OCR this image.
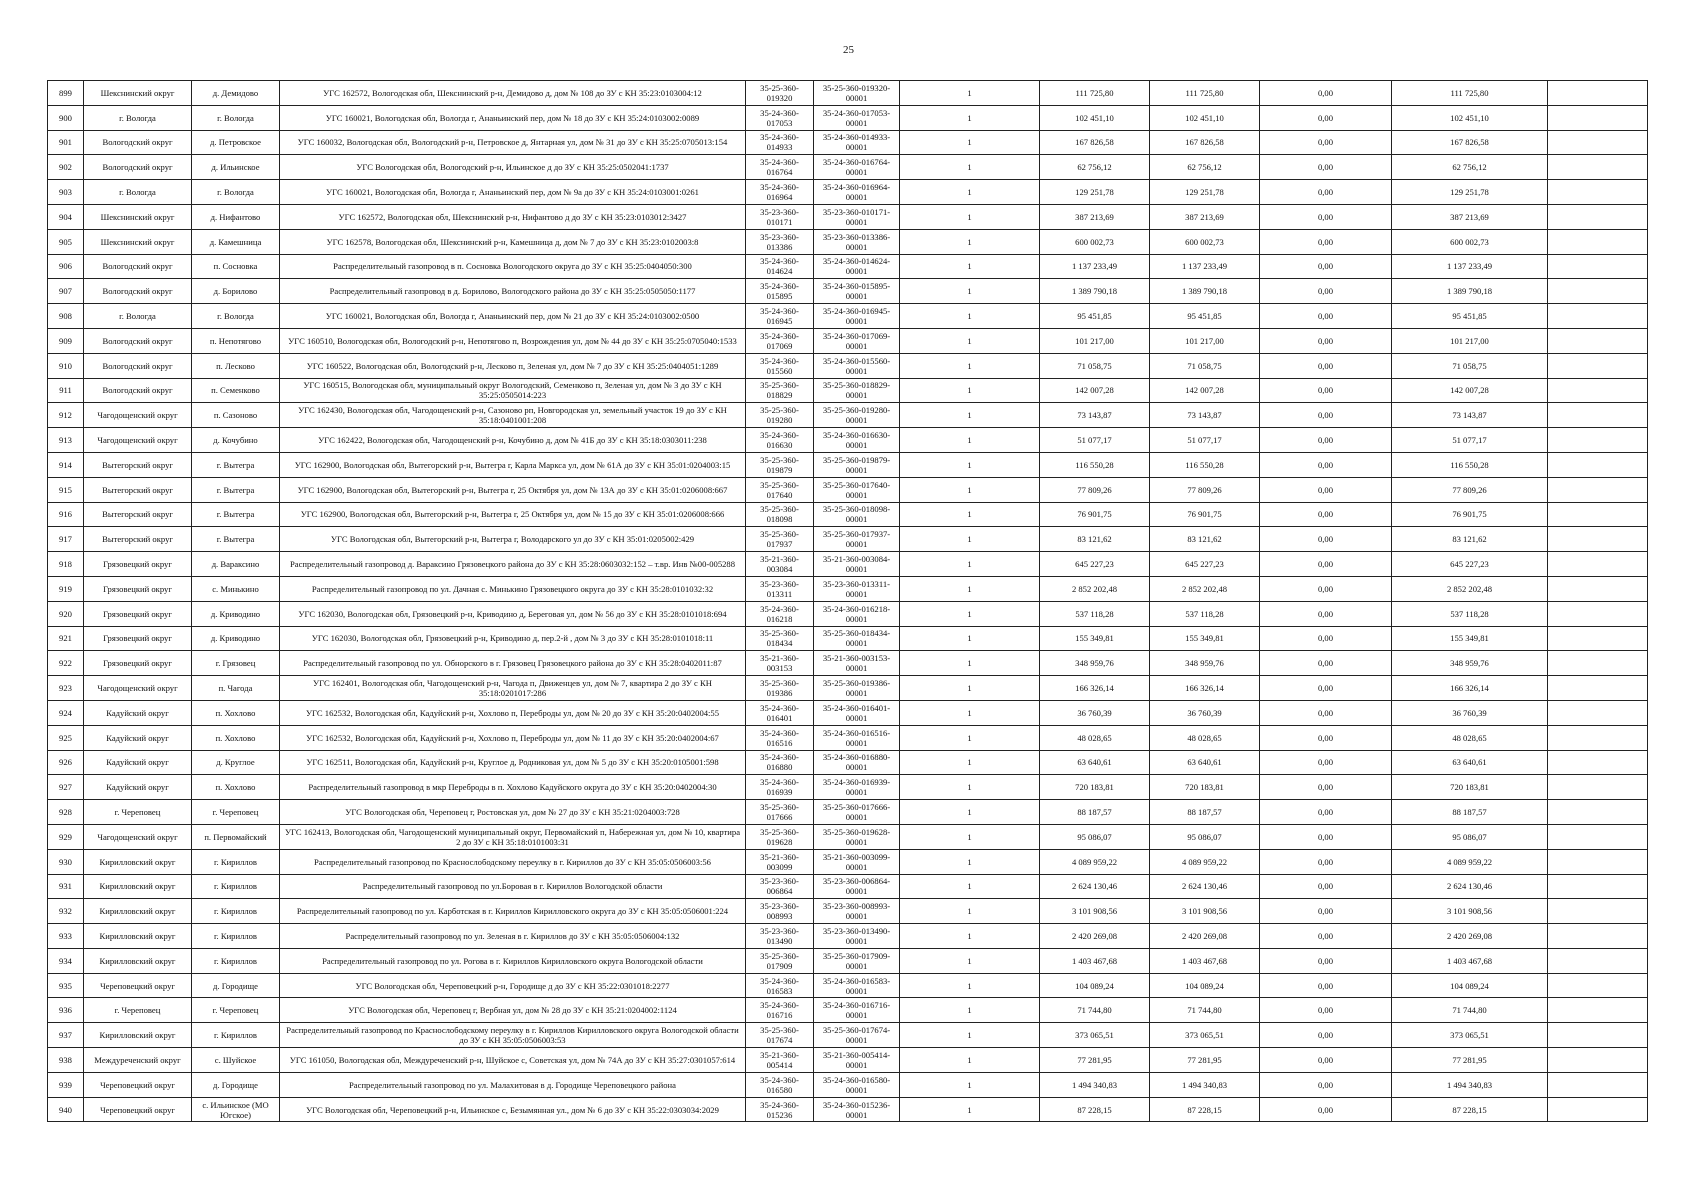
25
899	Шекснинский округ	д. Демидово	УГС 162572, Вологодская обл, Шекснинский р-н, Демидово д, дом № 108 до ЗУ с КН 35:23:0103004:12	35-25-360-019320	35-25-360-019320-00001	1	111 725,80	111 725,80	0,00	111 725,80	
900	г. Вологда	г. Вологда	УГС 160021, Вологодская обл, Вологда г, Ананьинский пер, дом № 18 до ЗУ с КН 35:24:0103002:0089	35-24-360-017053	35-24-360-017053-00001	1	102 451,10	102 451,10	0,00	102 451,10	
901	Вологодский округ	д. Петровское	УГС 160032, Вологодская обл, Вологодский р-н, Петровское д, Янтарная ул, дом № 31 до ЗУ с КН 35:25:0705013:154	35-24-360-014933	35-24-360-014933-00001	1	167 826,58	167 826,58	0,00	167 826,58	
902	Вологодский округ	д. Ильинское	УГС Вологодская обл, Вологодский р-н, Ильинское д до ЗУ с КН 35:25:0502041:1737	35-24-360-016764	35-24-360-016764-00001	1	62 756,12	62 756,12	0,00	62 756,12	
903	г. Вологда	г. Вологда	УГС 160021, Вологодская обл, Вологда г, Ананьинский пер, дом № 9а до ЗУ с КН 35:24:0103001:0261	35-24-360-016964	35-24-360-016964-00001	1	129 251,78	129 251,78	0,00	129 251,78	
904	Шекснинский округ	д. Нифантово	УГС 162572, Вологодская обл, Шекснинский р-н, Нифантово д до ЗУ с КН 35:23:0103012:3427	35-23-360-010171	35-23-360-010171-00001	1	387 213,69	387 213,69	0,00	387 213,69	
905	Шекснинский округ	д. Камешница	УГС 162578, Вологодская обл, Шекснинский р-н, Камешница д, дом № 7 до ЗУ с КН 35:23:0102003:8	35-23-360-013386	35-23-360-013386-00001	1	600 002,73	600 002,73	0,00	600 002,73	
906	Вологодский округ	п. Сосновка	Распределительный газопровод в п. Сосновка Вологодского округа до ЗУ с КН 35:25:0404050:300	35-24-360-014624	35-24-360-014624-00001	1	1 137 233,49	1 137 233,49	0,00	1 137 233,49	
907	Вологодский округ	д. Борилово	Распределительный газопровод в д. Борилово, Вологодского района до ЗУ с КН 35:25:0505050:1177	35-24-360-015895	35-24-360-015895-00001	1	1 389 790,18	1 389 790,18	0,00	1 389 790,18	
908	г. Вологда	г. Вологда	УГС 160021, Вологодская обл, Вологда г, Ананьинский пер, дом № 21 до ЗУ с КН 35:24:0103002:0500	35-24-360-016945	35-24-360-016945-00001	1	95 451,85	95 451,85	0,00	95 451,85	
909	Вологодский округ	п. Непотягово	УГС 160510, Вологодская обл, Вологодский р-н, Непотягово п, Возрождения ул, дом № 44 до ЗУ с КН 35:25:0705040:1533	35-24-360-017069	35-24-360-017069-00001	1	101 217,00	101 217,00	0,00	101 217,00	
910	Вологодский округ	п. Лесково	УГС 160522, Вологодская обл, Вологодский р-н, Лесково п, Зеленая ул, дом № 7 до ЗУ с КН 35:25:0404051:1289	35-24-360-015560	35-24-360-015560-00001	1	71 058,75	71 058,75	0,00	71 058,75	
911	Вологодский округ	п. Семенково	УГС 160515, Вологодская обл, муниципальный округ Вологодский, Семенково п, Зеленая ул, дом № 3 до ЗУ с КН 35:25:0505014:223	35-25-360-018829	35-25-360-018829-00001	1	142 007,28	142 007,28	0,00	142 007,28	
912	Чагодощенский округ	п. Сазоново	УГС 162430, Вологодская обл, Чагодощенский р-н, Сазоново рп, Новгородская ул, земельный участок 19 до ЗУ с КН 35:18:0401001:208	35-25-360-019280	35-25-360-019280-00001	1	73 143,87	73 143,87	0,00	73 143,87	
913	Чагодощенский округ	д. Кочубино	УГС 162422, Вологодская обл, Чагодощенский р-н, Кочубино д, дом № 41Б до ЗУ с КН 35:18:0303011:238	35-24-360-016630	35-24-360-016630-00001	1	51 077,17	51 077,17	0,00	51 077,17	
914	Вытегорский округ	г. Вытегра	УГС 162900, Вологодская обл, Вытегорский р-н, Вытегра г, Карла Маркса ул, дом № 61А до ЗУ с КН 35:01:0204003:15	35-25-360-019879	35-25-360-019879-00001	1	116 550,28	116 550,28	0,00	116 550,28	
915	Вытегорский округ	г. Вытегра	УГС 162900, Вологодская обл, Вытегорский р-н, Вытегра г, 25 Октября ул, дом № 13А до ЗУ с КН 35:01:0206008:667	35-25-360-017640	35-25-360-017640-00001	1	77 809,26	77 809,26	0,00	77 809,26	
916	Вытегорский округ	г. Вытегра	УГС 162900, Вологодская обл, Вытегорский р-н, Вытегра г, 25 Октября ул, дом № 15 до ЗУ с КН 35:01:0206008:666	35-25-360-018098	35-25-360-018098-00001	1	76 901,75	76 901,75	0,00	76 901,75	
917	Вытегорский округ	г. Вытегра	УГС Вологодская обл, Вытегорский р-н, Вытегра г, Володарского ул до ЗУ с КН 35:01:0205002:429	35-25-360-017937	35-25-360-017937-00001	1	83 121,62	83 121,62	0,00	83 121,62	
918	Грязовецкий округ	д. Вараксино	Распределительный газопровод д. Вараксино Грязовецкого района до ЗУ с КН 35:28:0603032:152 – т.вр. Инв №00-005288	35-21-360-003084	35-21-360-003084-00001	1	645 227,23	645 227,23	0,00	645 227,23	
919	Грязовецкий округ	с. Минькино	Распределительный газопровод по ул. Дачная с. Минькино Грязовецкого округа до ЗУ с КН 35:28:0101032:32	35-23-360-013311	35-23-360-013311-00001	1	2 852 202,48	2 852 202,48	0,00	2 852 202,48	
920	Грязовецкий округ	д. Криводино	УГС 162030, Вологодская обл, Грязовецкий р-н, Криводино д, Береговая ул, дом № 56 до ЗУ с КН 35:28:0101018:694	35-24-360-016218	35-24-360-016218-00001	1	537 118,28	537 118,28	0,00	537 118,28	
921	Грязовецкий округ	д. Криводино	УГС 162030, Вологодская обл, Грязовецкий р-н, Криводино д, пер.2-й , дом № 3 до ЗУ с КН 35:28:0101018:11	35-25-360-018434	35-25-360-018434-00001	1	155 349,81	155 349,81	0,00	155 349,81	
922	Грязовецкий округ	г. Грязовец	Распределительный газопровод по ул. Обнорского в г. Грязовец Грязовецкого района до ЗУ с КН 35:28:0402011:87	35-21-360-003153	35-21-360-003153-00001	1	348 959,76	348 959,76	0,00	348 959,76	
923	Чагодощенский округ	п. Чагода	УГС 162401, Вологодская обл, Чагодощенский р-н, Чагода п, Движенцев ул, дом № 7, квартира 2 до ЗУ с КН 35:18:0201017:286	35-25-360-019386	35-25-360-019386-00001	1	166 326,14	166 326,14	0,00	166 326,14	
924	Кадуйский округ	п. Хохлово	УГС 162532, Вологодская обл, Кадуйский р-н, Хохлово п, Переброды ул, дом № 20 до ЗУ с КН 35:20:0402004:55	35-24-360-016401	35-24-360-016401-00001	1	36 760,39	36 760,39	0,00	36 760,39	
925	Кадуйский округ	п. Хохлово	УГС 162532, Вологодская обл, Кадуйский р-н, Хохлово п, Переброды ул, дом № 11 до ЗУ с КН 35:20:0402004:67	35-24-360-016516	35-24-360-016516-00001	1	48 028,65	48 028,65	0,00	48 028,65	
926	Кадуйский округ	д. Круглое	УГС 162511, Вологодская обл, Кадуйский р-н, Круглое д, Родниковая ул, дом № 5 до ЗУ с КН 35:20:0105001:598	35-24-360-016880	35-24-360-016880-00001	1	63 640,61	63 640,61	0,00	63 640,61	
927	Кадуйский округ	п. Хохлово	Распределительный газопровод в мкр Переброды в п. Хохлово Кадуйского округа до ЗУ с КН 35:20:0402004:30	35-24-360-016939	35-24-360-016939-00001	1	720 183,81	720 183,81	0,00	720 183,81	
928	г. Череповец	г. Череповец	УГС Вологодская обл, Череповец г, Ростовская ул, дом № 27 до ЗУ с КН 35:21:0204003:728	35-25-360-017666	35-25-360-017666-00001	1	88 187,57	88 187,57	0,00	88 187,57	
929	Чагодощенский округ	п. Первомайский	УГС 162413, Вологодская обл, Чагодощенский муниципальный округ, Первомайский п, Набережная ул, дом № 10, квартира 2 до ЗУ с КН 35:18:0101003:31	35-25-360-019628	35-25-360-019628-00001	1	95 086,07	95 086,07	0,00	95 086,07	
930	Кирилловский округ	г. Кириллов	Распределительный газопровод по Краснослободскому переулку в г. Кириллов до ЗУ с КН 35:05:0506003:56	35-21-360-003099	35-21-360-003099-00001	1	4 089 959,22	4 089 959,22	0,00	4 089 959,22	
931	Кирилловский округ	г. Кириллов	Распределительный газопровод по ул.Боровая в г. Кириллов Вологодской области	35-23-360-006864	35-23-360-006864-00001	1	2 624 130,46	2 624 130,46	0,00	2 624 130,46	
932	Кирилловский округ	г. Кириллов	Распределительный газопровод по ул. Карботская в г. Кириллов Кирилловского округа до ЗУ с КН 35:05:0506001:224	35-23-360-008993	35-23-360-008993-00001	1	3 101 908,56	3 101 908,56	0,00	3 101 908,56	
933	Кирилловский округ	г. Кириллов	Распределительный газопровод по ул. Зеленая в г. Кириллов до ЗУ с КН 35:05:0506004:132	35-23-360-013490	35-23-360-013490-00001	1	2 420 269,08	2 420 269,08	0,00	2 420 269,08	
934	Кирилловский округ	г. Кириллов	Распределительный газопровод по ул. Рогова в г. Кириллов Кирилловского округа Вологодской области	35-25-360-017909	35-25-360-017909-00001	1	1 403 467,68	1 403 467,68	0,00	1 403 467,68	
935	Череповецкий округ	д. Городище	УГС Вологодская обл, Череповецкий р-н, Городище д до ЗУ с КН 35:22:0301018:2277	35-24-360-016583	35-24-360-016583-00001	1	104 089,24	104 089,24	0,00	104 089,24	
936	г. Череповец	г. Череповец	УГС Вологодская обл, Череповец г, Вербная ул, дом № 28 до ЗУ с КН 35:21:0204002:1124	35-24-360-016716	35-24-360-016716-00001	1	71 744,80	71 744,80	0,00	71 744,80	
937	Кирилловский округ	г. Кириллов	Распределительный газопровод по Краснослободскому переулку в г. Кириллов Кирилловского округа Вологодской области до ЗУ с КН 35:05:0506003:53	35-25-360-017674	35-25-360-017674-00001	1	373 065,51	373 065,51	0,00	373 065,51	
938	Междуреченский округ	с. Шуйское	УГС 161050, Вологодская обл, Междуреченский р-н, Шуйское с, Советская ул, дом № 74А до ЗУ с КН 35:27:0301057:614	35-21-360-005414	35-21-360-005414-00001	1	77 281,95	77 281,95	0,00	77 281,95	
939	Череповецкий округ	д. Городище	Распределительный газопровод по ул. Малахитовая в д. Городище Череповецкого района	35-24-360-016580	35-24-360-016580-00001	1	1 494 340,83	1 494 340,83	0,00	1 494 340,83	
940	Череповецкий округ	с. Ильинское (МО Югское)	УГС Вологодская обл, Череповецкий р-н, Ильинское с, Безымянная ул., дом № 6 до ЗУ с КН 35:22:0303034:2029	35-24-360-015236	35-24-360-015236-00001	1	87 228,15	87 228,15	0,00	87 228,15	
